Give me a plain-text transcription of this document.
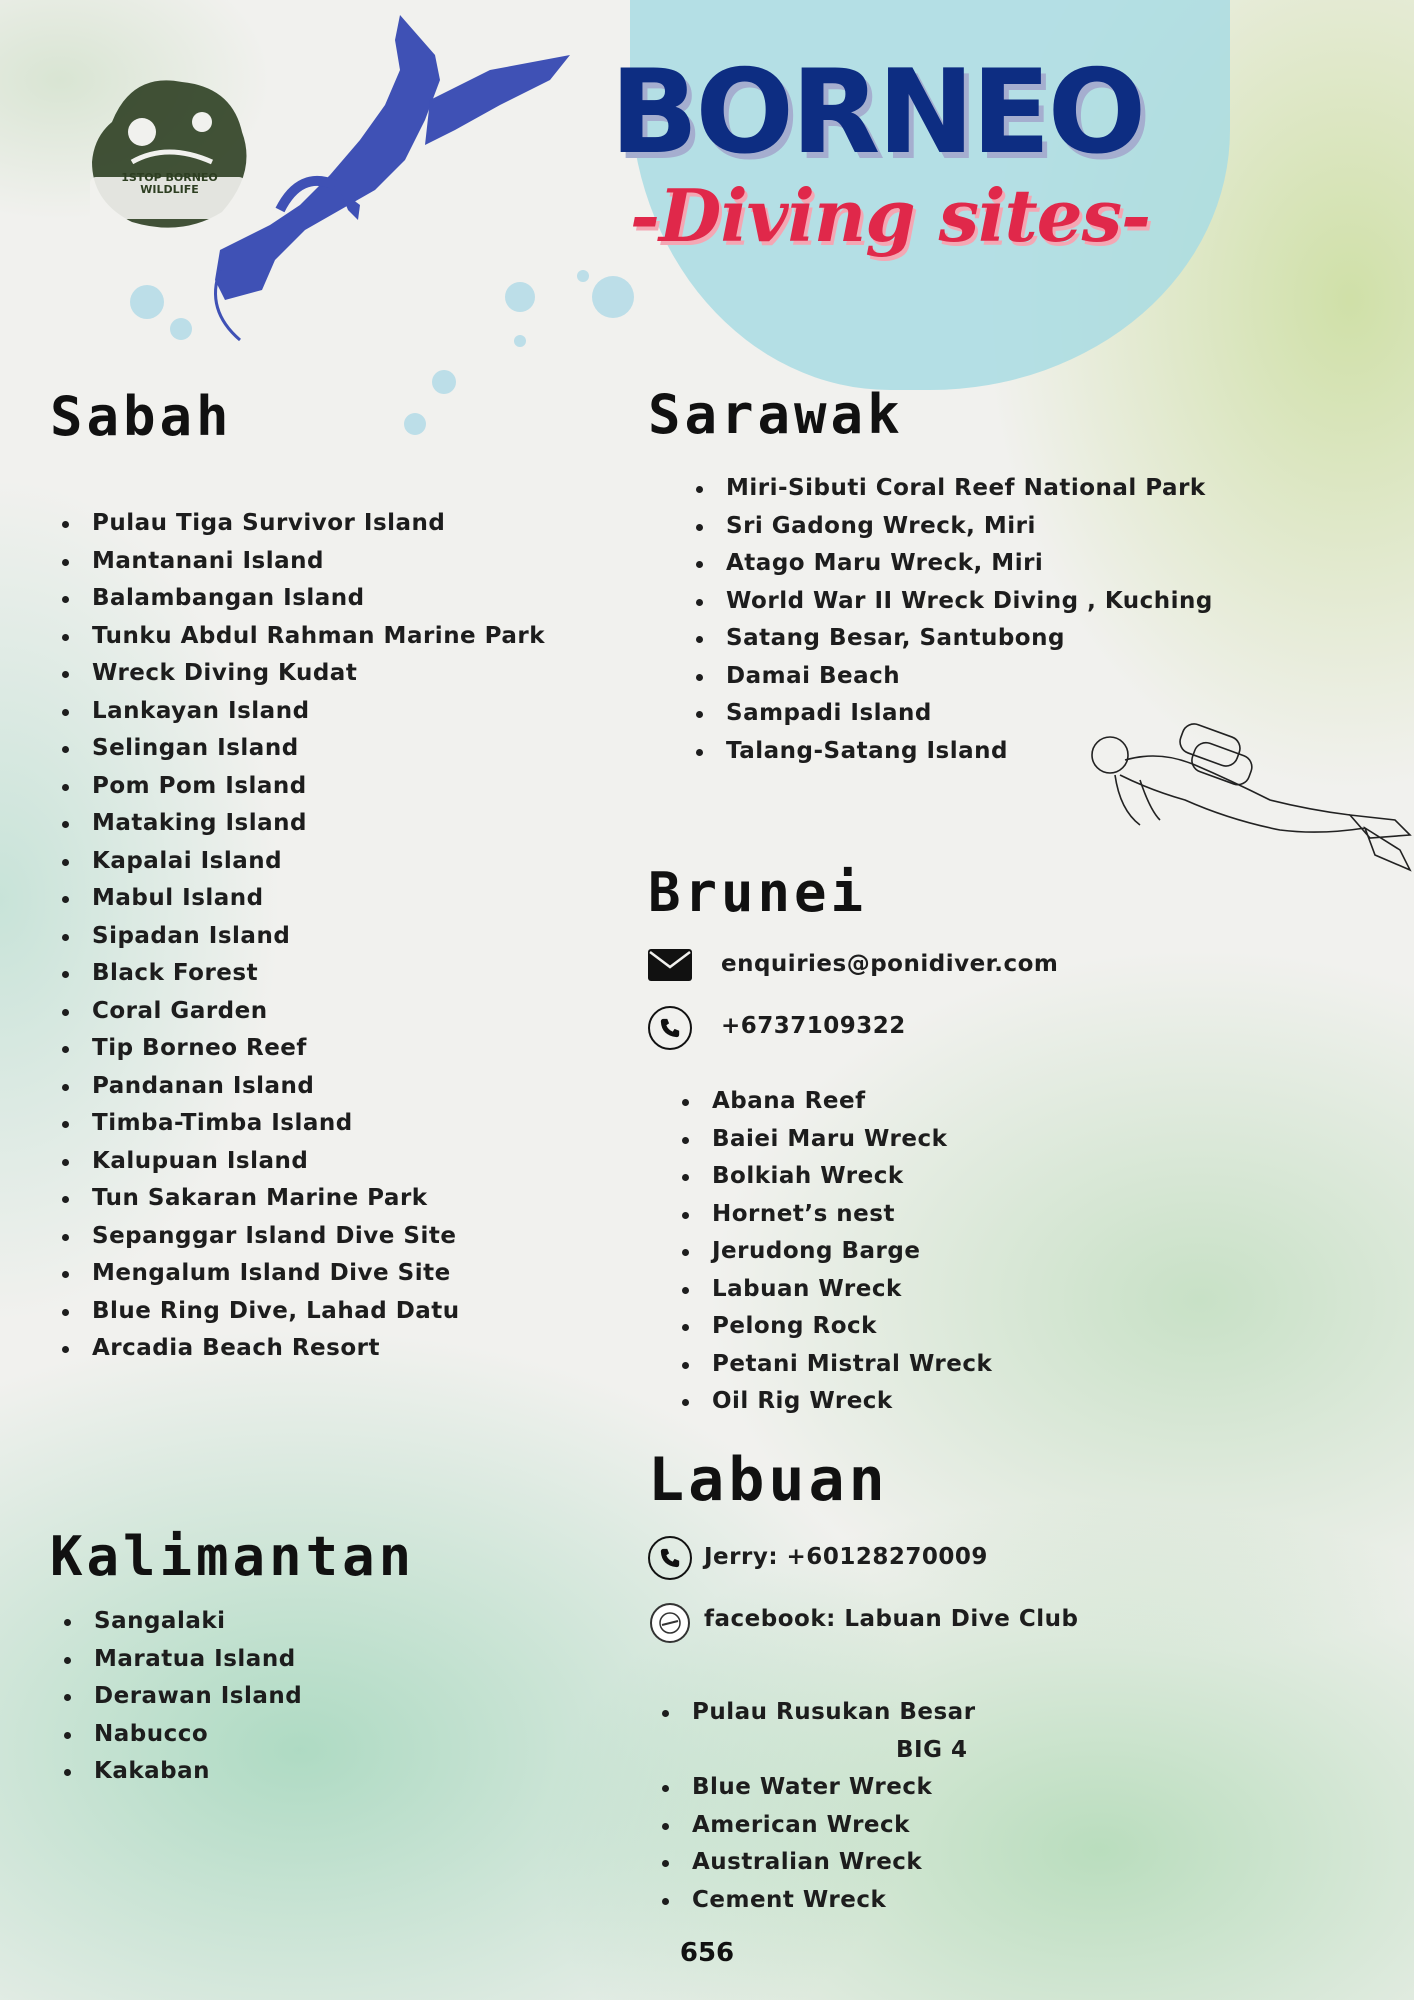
1STOP BORNEO WILDLIFE
BORNEO
-Diving sites-
Sabah
Pulau Tiga Survivor Island
Mantanani Island
Balambangan Island
Tunku Abdul Rahman Marine Park
Wreck Diving Kudat
Lankayan Island
Selingan Island
Pom Pom Island
Mataking Island
Kapalai Island
Mabul Island
Sipadan Island
Black Forest
Coral Garden
Tip Borneo Reef
Pandanan Island
Timba-Timba Island
Kalupuan Island
Tun Sakaran Marine Park
Sepanggar Island Dive Site
Mengalum Island Dive Site
Blue Ring Dive, Lahad Datu
Arcadia Beach Resort
Kalimantan
Sangalaki
Maratua Island
Derawan Island
Nabucco
Kakaban
Sarawak
Miri-Sibuti Coral Reef National Park
Sri Gadong Wreck, Miri
Atago Maru Wreck, Miri
World War II Wreck Diving , Kuching
Satang Besar, Santubong
Damai Beach
Sampadi Island
Talang-Satang Island
Brunei
enquiries@ponidiver.com
+6737109322
Abana Reef
Baiei Maru Wreck
Bolkiah Wreck
Hornet’s nest
Jerudong Barge
Labuan Wreck
Pelong Rock
Petani Mistral Wreck
Oil Rig Wreck
Labuan
Jerry: +60128270009
facebook: Labuan Dive Club
Pulau Rusukan Besar
BIG 4
Blue Water Wreck
American Wreck
Australian Wreck
Cement Wreck
656
